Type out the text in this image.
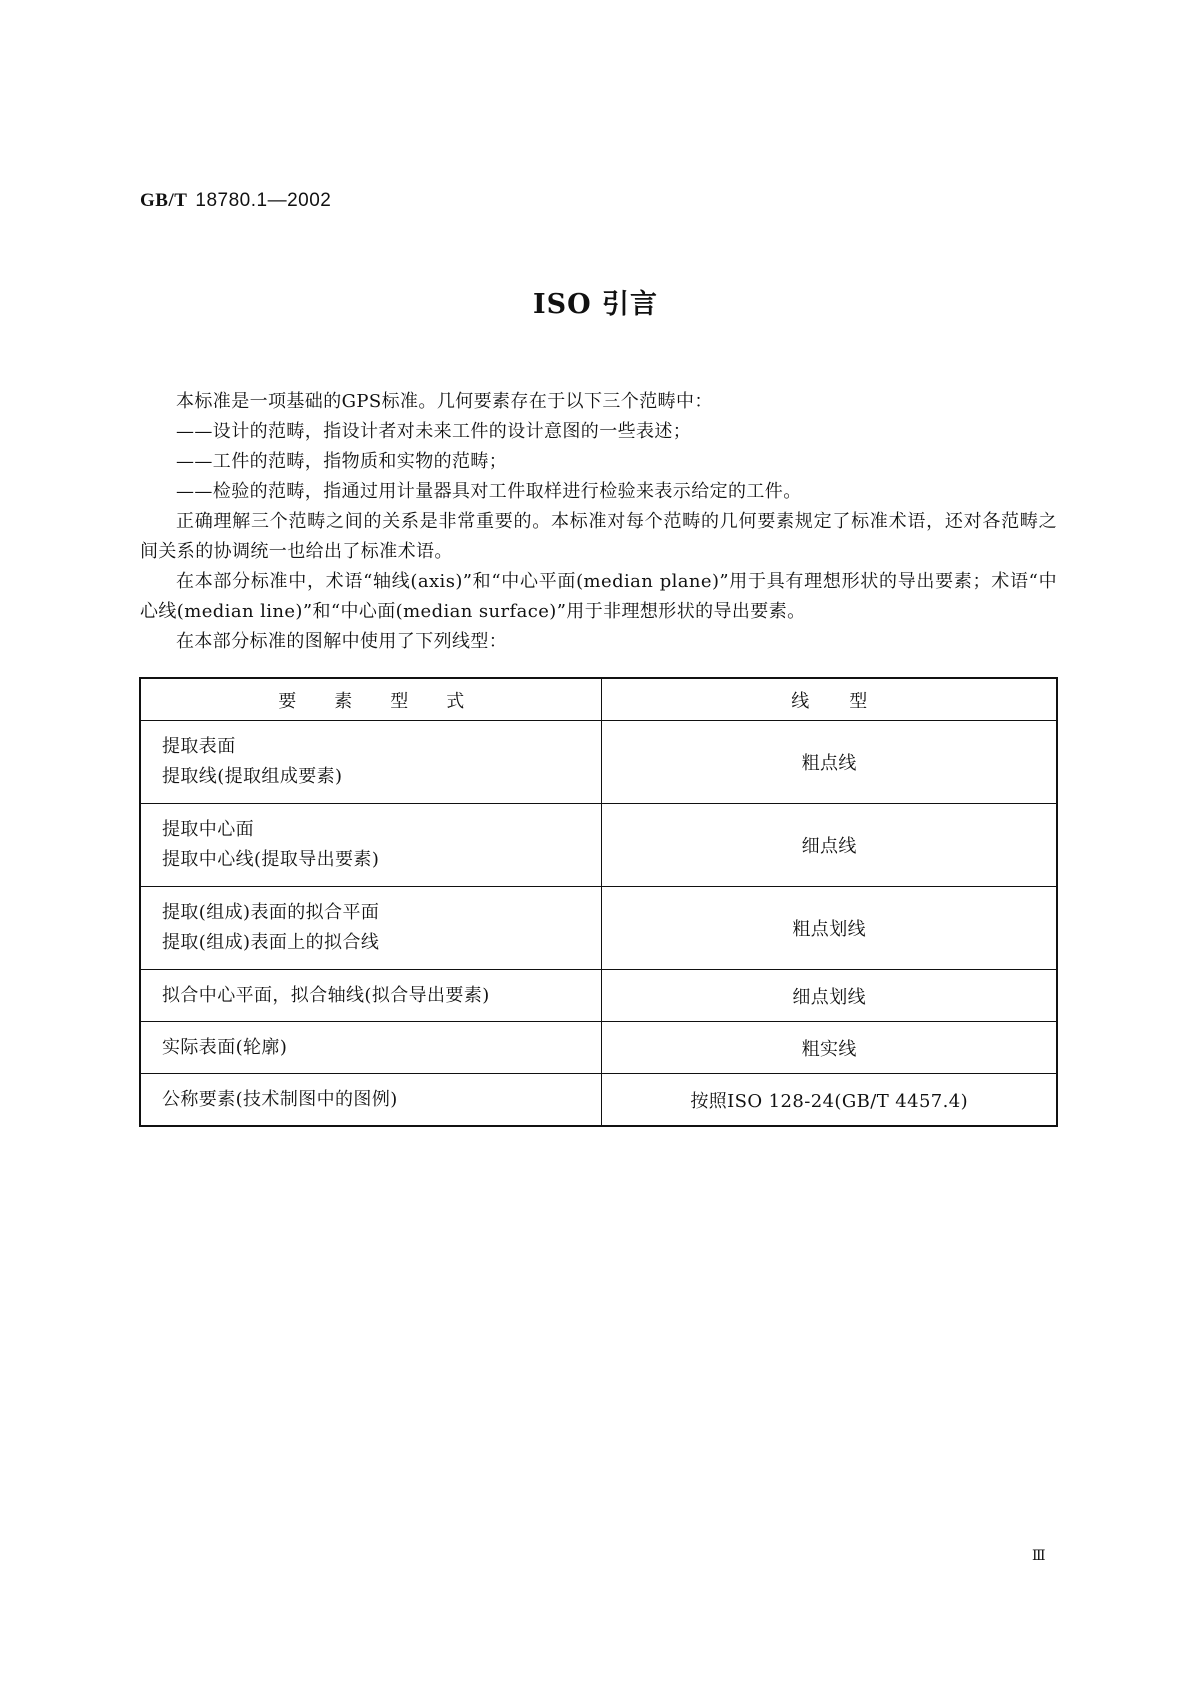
GB/T 18780.1—2002
ISO 引言

本标准是一项基础的GPS标准。几何要素存在于以下三个范畴中：

——设计的范畴，指设计者对未来工件的设计意图的一些表述；

——工件的范畴，指物质和实物的范畴；

——检验的范畴，指通过用计量器具对工件取样进行检验来表示给定的工件。

正确理解三个范畴之间的关系是非常重要的。本标准对每个范畴的几何要素规定了标准术语，还对各范畴之间关系的协调统一也给出了标准术语。

在本部分标准中，术语“轴线(axis)”和“中心平面(median plane)”用于具有理想形状的导出要素；术语“中心线(median line)”和“中心面(median surface)”用于非理想形状的导出要素。

在本部分标准的图解中使用了下列线型：

要素型式	线型

提取表面
提取线(提取组成要素)	粗点线

提取中心面
提取中心线(提取导出要素)	细点线

提取(组成)表面的拟合平面
提取(组成)表面上的拟合线	粗点划线

拟合中心平面，拟合轴线(拟合导出要素)	细点划线

实际表面(轮廓)	粗实线

公称要素(技术制图中的图例)	按照ISO 128-24(GB/T 4457.4)
Ⅲ
